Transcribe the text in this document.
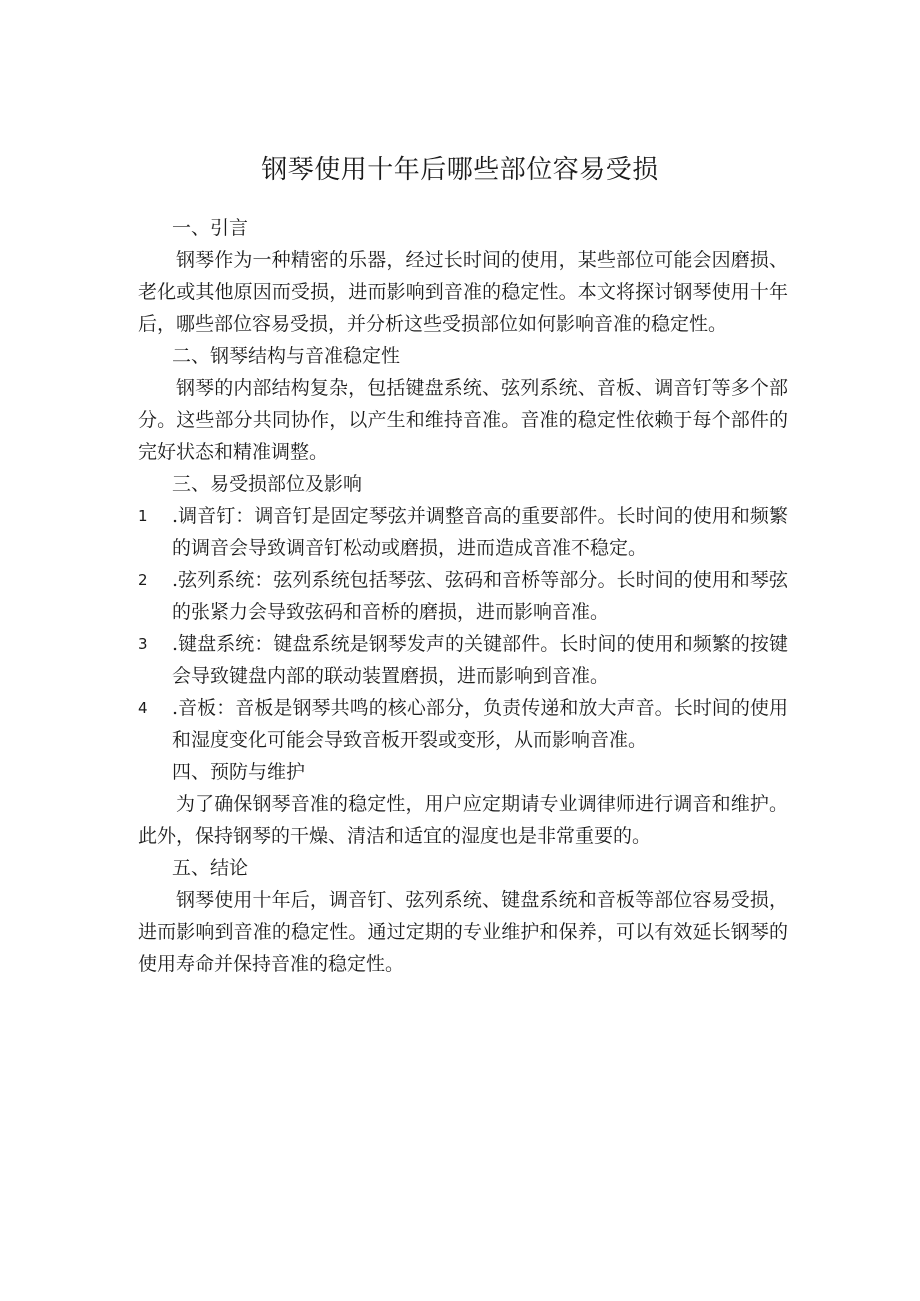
钢琴使用十年后哪些部位容易受损

一、引言

钢琴作为一种精密的乐器，经过长时间的使用，某些部位可能会因磨损、老化或其他原因而受损，进而影响到音准的稳定性。本文将探讨钢琴使用十年后，哪些部位容易受损，并分析这些受损部位如何影响音准的稳定性。

二、钢琴结构与音准稳定性

钢琴的内部结构复杂，包括键盘系统、弦列系统、音板、调音钉等多个部分。这些部分共同协作，以产生和维持音准。音准的稳定性依赖于每个部件的完好状态和精准调整。

三、易受损部位及影响

1 .调音钉：调音钉是固定琴弦并调整音高的重要部件。长时间的使用和频繁的调音会导致调音钉松动或磨损，进而造成音准不稳定。
2 .弦列系统：弦列系统包括琴弦、弦码和音桥等部分。长时间的使用和琴弦的张紧力会导致弦码和音桥的磨损，进而影响音准。
3 .键盘系统：键盘系统是钢琴发声的关键部件。长时间的使用和频繁的按键会导致键盘内部的联动装置磨损，进而影响到音准。
4 .音板：音板是钢琴共鸣的核心部分，负责传递和放大声音。长时间的使用和湿度变化可能会导致音板开裂或变形，从而影响音准。

四、预防与维护

为了确保钢琴音准的稳定性，用户应定期请专业调律师进行调音和维护。此外，保持钢琴的干燥、清洁和适宜的湿度也是非常重要的。

五、结论

钢琴使用十年后，调音钉、弦列系统、键盘系统和音板等部位容易受损，进而影响到音准的稳定性。通过定期的专业维护和保养，可以有效延长钢琴的使用寿命并保持音准的稳定性。
